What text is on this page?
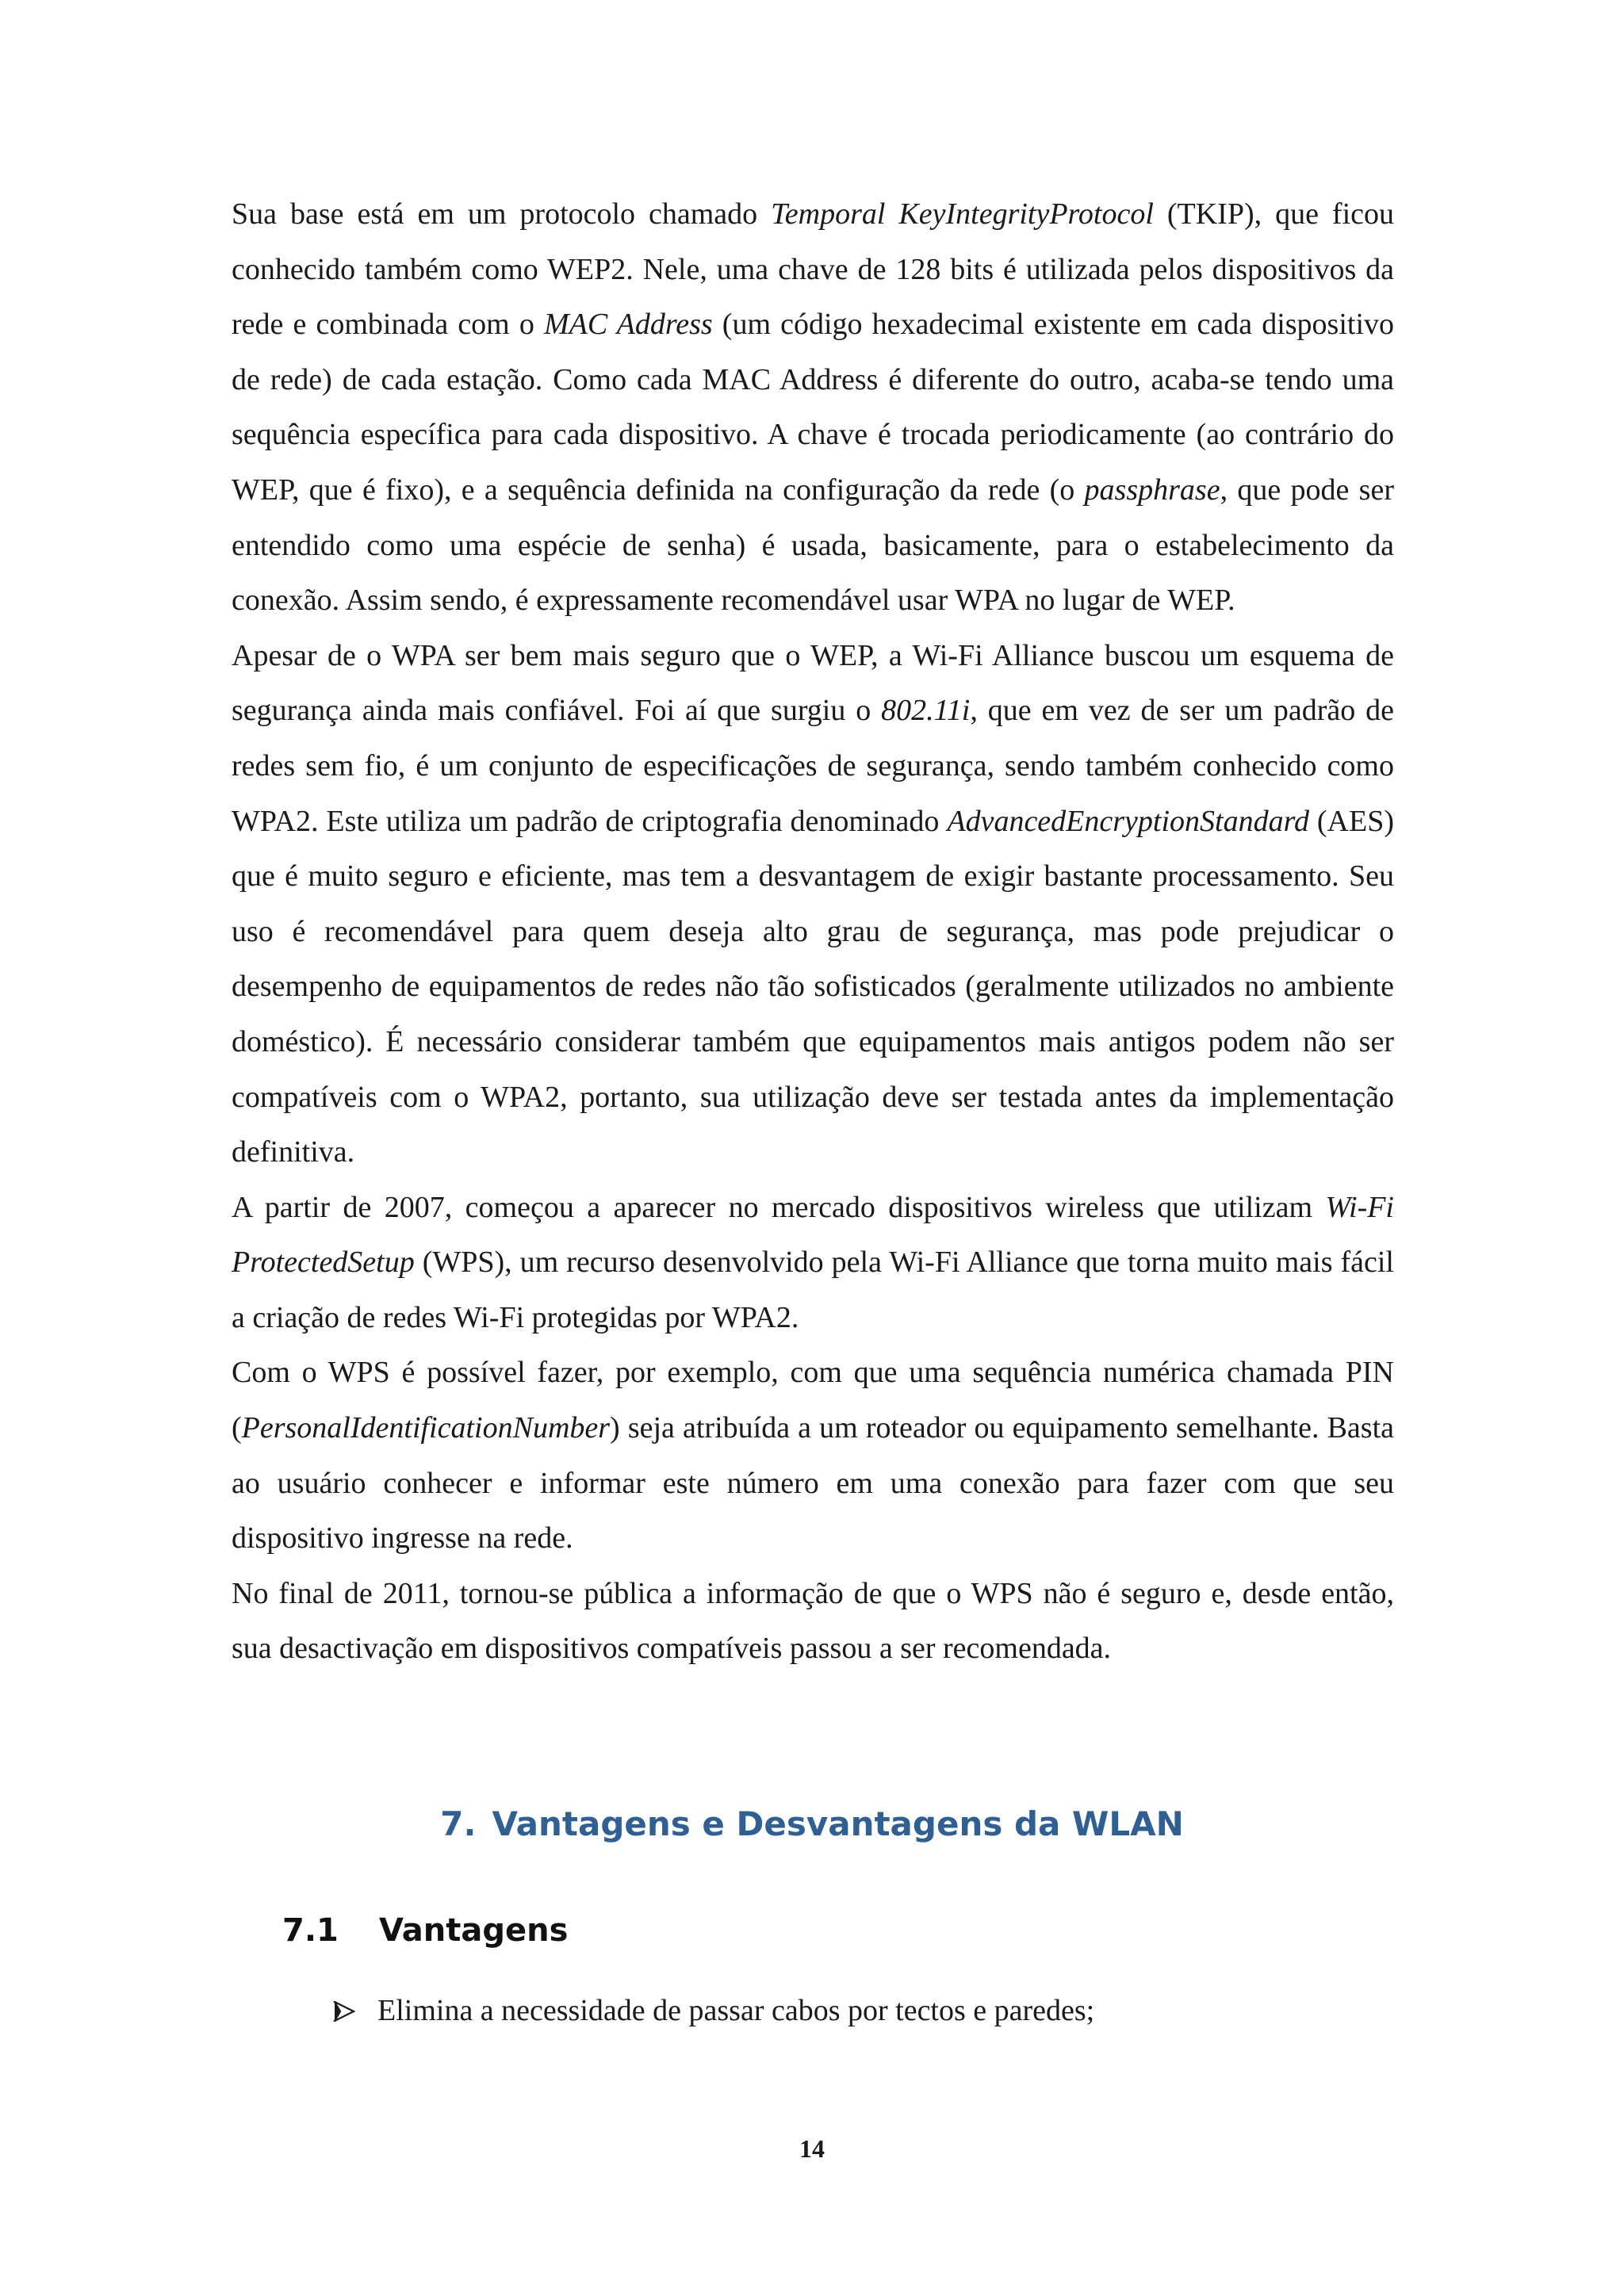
Sua base está em um protocolo chamado Temporal KeyIntegrityProtocol (TKIP), que ficou conhecido também como WEP2. Nele, uma chave de 128 bits é utilizada pelos dispositivos da rede e combinada com o MAC Address (um código hexadecimal existente em cada dispositivo de rede) de cada estação. Como cada MAC Address é diferente do outro, acaba-se tendo uma sequência específica para cada dispositivo. A chave é trocada periodicamente (ao contrário do WEP, que é fixo), e a sequência definida na configuração da rede (o passphrase, que pode ser entendido como uma espécie de senha) é usada, basicamente, para o estabelecimento da conexão. Assim sendo, é expressamente recomendável usar WPA no lugar de WEP.

Apesar de o WPA ser bem mais seguro que o WEP, a Wi-Fi Alliance buscou um esquema de segurança ainda mais confiável. Foi aí que surgiu o 802.11i, que em vez de ser um padrão de redes sem fio, é um conjunto de especificações de segurança, sendo também conhecido como WPA2. Este utiliza um padrão de criptografia denominado AdvancedEncryptionStandard (AES) que é muito seguro e eficiente, mas tem a desvantagem de exigir bastante processamento. Seu uso é recomendável para quem deseja alto grau de segurança, mas pode prejudicar o desempenho de equipamentos de redes não tão sofisticados (geralmente utilizados no ambiente doméstico). É necessário considerar também que equipamentos mais antigos podem não ser compatíveis com o WPA2, portanto, sua utilização deve ser testada antes da implementação definitiva.

A partir de 2007, começou a aparecer no mercado dispositivos wireless que utilizam Wi-Fi ProtectedSetup (WPS), um recurso desenvolvido pela Wi-Fi Alliance que torna muito mais fácil a criação de redes Wi-Fi protegidas por WPA2.

Com o WPS é possível fazer, por exemplo, com que uma sequência numérica chamada PIN (PersonalIdentificationNumber) seja atribuída a um roteador ou equipamento semelhante. Basta ao usuário conhecer e informar este número em uma conexão para fazer com que seu dispositivo ingresse na rede.

No final de 2011, tornou-se pública a informação de que o WPS não é seguro e, desde então, sua desactivação em dispositivos compatíveis passou a ser recomendada.

7. Vantagens e Desvantagens da WLAN
7.1 Vantagens
Elimina a necessidade de passar cabos por tectos e paredes;
14
